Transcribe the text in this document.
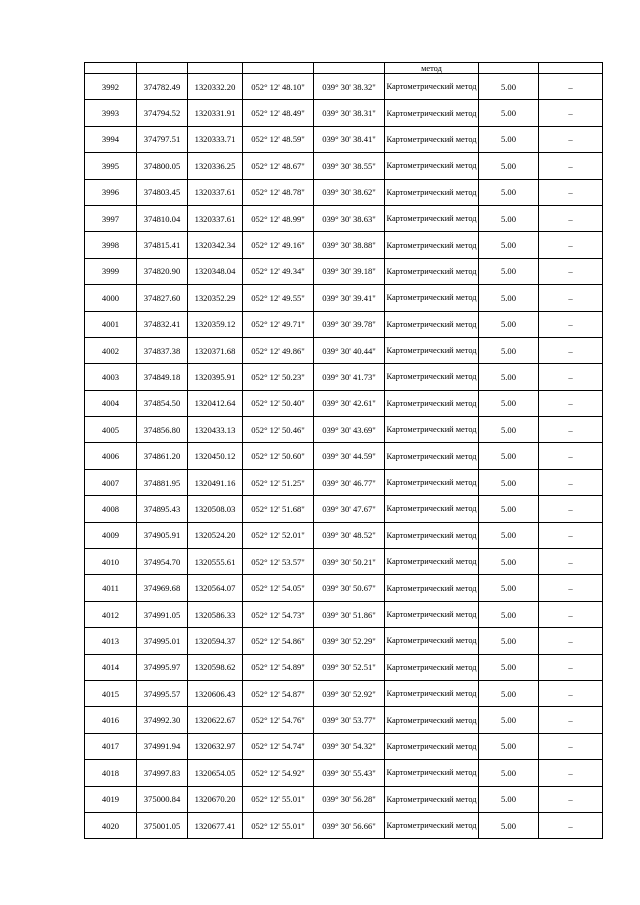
					метод		

3992	374782.49	1320332.20	052° 12' 48.10"	039° 30' 38.32"	Картометрический метод	5.00	–
3993	374794.52	1320331.91	052° 12' 48.49"	039° 30' 38.31"	Картометрический метод	5.00	–
3994	374797.51	1320333.71	052° 12' 48.59"	039° 30' 38.41"	Картометрический метод	5.00	–
3995	374800.05	1320336.25	052° 12' 48.67"	039° 30' 38.55"	Картометрический метод	5.00	–
3996	374803.45	1320337.61	052° 12' 48.78"	039° 30' 38.62"	Картометрический метод	5.00	–
3997	374810.04	1320337.61	052° 12' 48.99"	039° 30' 38.63"	Картометрический метод	5.00	–
3998	374815.41	1320342.34	052° 12' 49.16"	039° 30' 38.88"	Картометрический метод	5.00	–
3999	374820.90	1320348.04	052° 12' 49.34"	039° 30' 39.18"	Картометрический метод	5.00	–
4000	374827.60	1320352.29	052° 12' 49.55"	039° 30' 39.41"	Картометрический метод	5.00	–
4001	374832.41	1320359.12	052° 12' 49.71"	039° 30' 39.78"	Картометрический метод	5.00	–
4002	374837.38	1320371.68	052° 12' 49.86"	039° 30' 40.44"	Картометрический метод	5.00	–
4003	374849.18	1320395.91	052° 12' 50.23"	039° 30' 41.73"	Картометрический метод	5.00	–
4004	374854.50	1320412.64	052° 12' 50.40"	039° 30' 42.61"	Картометрический метод	5.00	–
4005	374856.80	1320433.13	052° 12' 50.46"	039° 30' 43.69"	Картометрический метод	5.00	–
4006	374861.20	1320450.12	052° 12' 50.60"	039° 30' 44.59"	Картометрический метод	5.00	–
4007	374881.95	1320491.16	052° 12' 51.25"	039° 30' 46.77"	Картометрический метод	5.00	–
4008	374895.43	1320508.03	052° 12' 51.68"	039° 30' 47.67"	Картометрический метод	5.00	–
4009	374905.91	1320524.20	052° 12' 52.01"	039° 30' 48.52"	Картометрический метод	5.00	–
4010	374954.70	1320555.61	052° 12' 53.57"	039° 30' 50.21"	Картометрический метод	5.00	–
4011	374969.68	1320564.07	052° 12' 54.05"	039° 30' 50.67"	Картометрический метод	5.00	–
4012	374991.05	1320586.33	052° 12' 54.73"	039° 30' 51.86"	Картометрический метод	5.00	–
4013	374995.01	1320594.37	052° 12' 54.86"	039° 30' 52.29"	Картометрический метод	5.00	–
4014	374995.97	1320598.62	052° 12' 54.89"	039° 30' 52.51"	Картометрический метод	5.00	–
4015	374995.57	1320606.43	052° 12' 54.87"	039° 30' 52.92"	Картометрический метод	5.00	–
4016	374992.30	1320622.67	052° 12' 54.76"	039° 30' 53.77"	Картометрический метод	5.00	–
4017	374991.94	1320632.97	052° 12' 54.74"	039° 30' 54.32"	Картометрический метод	5.00	–
4018	374997.83	1320654.05	052° 12' 54.92"	039° 30' 55.43"	Картометрический метод	5.00	–
4019	375000.84	1320670.20	052° 12' 55.01"	039° 30' 56.28"	Картометрический метод	5.00	–
4020	375001.05	1320677.41	052° 12' 55.01"	039° 30' 56.66"	Картометрический метод	5.00	–
